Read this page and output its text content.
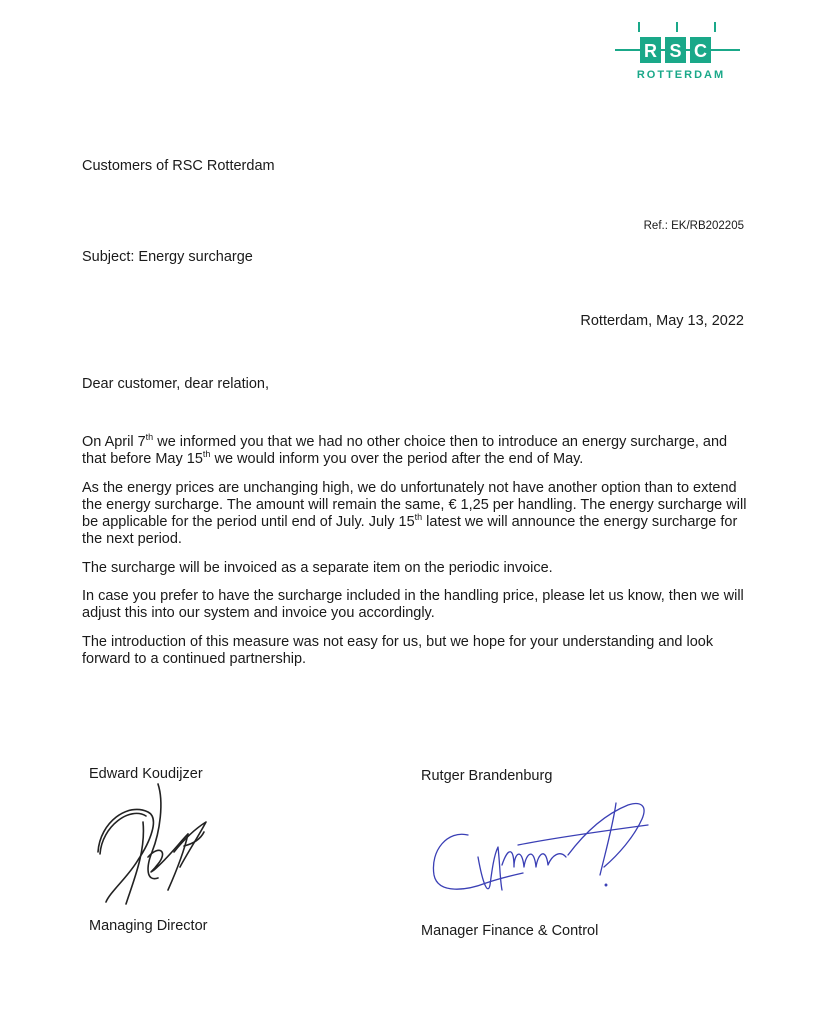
R S C
ROTTERDAM
Customers of RSC Rotterdam
Ref.: EK/RB202205
Subject: Energy surcharge
Rotterdam, May 13, 2022
Dear customer, dear relation,

On April 7th we informed you that we had no other choice then to introduce an energy surcharge, and that before May 15th we would inform you over the period after the end of May.

As the energy prices are unchanging high, we do unfortunately not have another option than to extend the energy surcharge. The amount will remain the same, € 1,25 per handling. The energy surcharge will be applicable for the period until end of July. July 15th latest we will announce the energy surcharge for the next period.

The surcharge will be invoiced as a separate item on the periodic invoice.

In case you prefer to have the surcharge included in the handling price, please let us know, then we will adjust this into our system and invoice you accordingly.

The introduction of this measure was not easy for us, but we hope for your understanding and look forward to a continued partnership.

Edward Koudijzer
Managing Director
Rutger Brandenburg
Manager Finance & Control
